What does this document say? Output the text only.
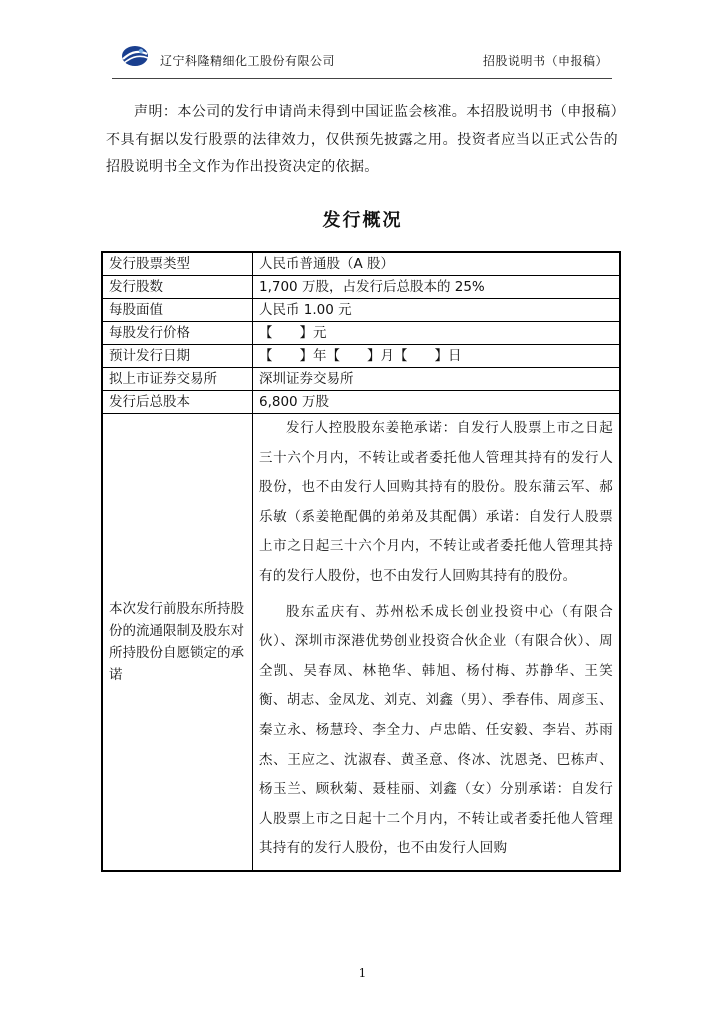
辽宁科隆精细化工股份有限公司	招股说明书（申报稿）
声明：本公司的发行申请尚未得到中国证监会核准。本招股说明书（申报稿）不具有据以发行股票的法律效力，仅供预先披露之用。投资者应当以正式公告的招股说明书全文作为作出投资决定的依据。
发行概况
发行股票类型	人民币普通股（A 股）
发行股数	1,700 万股，占发行后总股本的 25%
每股面值	人民币 1.00 元
每股发行价格	【　　】元
预计发行日期	【　　】年【　　】月【　　】日
拟上市证券交易所	深圳证券交易所
发行后总股本	6,800 万股
本次发行前股东所持股份的流通限制及股东对所持股份自愿锁定的承诺	发行人控股股东姜艳承诺：自发行人股票上市之日起三十六个月内，不转让或者委托他人管理其持有的发行人股份，也不由发行人回购其持有的股份。股东蒲云军、郝乐敏（系姜艳配偶的弟弟及其配偶）承诺：自发行人股票上市之日起三十六个月内，不转让或者委托他人管理其持有的发行人股份，也不由发行人回购其持有的股份。

股东孟庆有、苏州松禾成长创业投资中心（有限合伙）、深圳市深港优势创业投资合伙企业（有限合伙）、周全凯、吴春凤、林艳华、韩旭、杨付梅、苏静华、王笑衡、胡志、金凤龙、刘克、刘鑫（男）、季春伟、周彦玉、秦立永、杨慧玲、李全力、卢忠皓、任安毅、李岩、苏雨杰、王应之、沈淑春、黄圣意、佟冰、沈恩尧、巴栋声、杨玉兰、顾秋菊、聂桂丽、刘鑫（女）分别承诺：自发行人股票上市之日起十二个月内，不转让或者委托他人管理其持有的发行人股份，也不由发行人回购

1
